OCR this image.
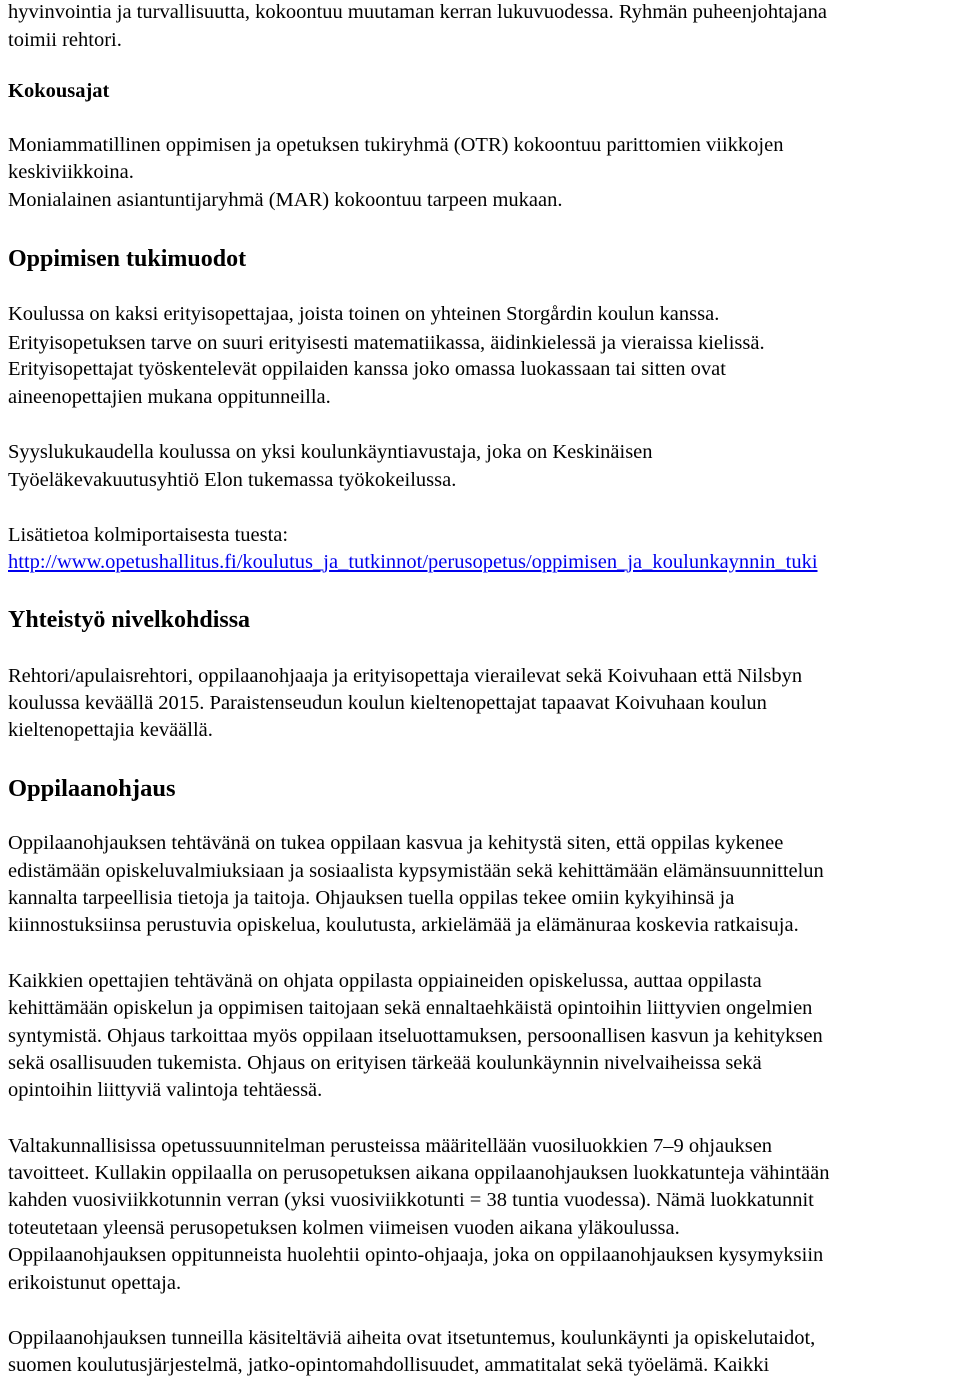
hyvinvointia ja turvallisuutta, kokoontuu muutaman kerran lukuvuodessa. Ryhmän puheenjohtajana
toimii rehtori.
Kokousajat
Moniammatillinen oppimisen ja opetuksen tukiryhmä (OTR) kokoontuu parittomien viikkojen
keskiviikkoina.
Monialainen asiantuntijaryhmä (MAR) kokoontuu tarpeen mukaan.
Oppimisen tukimuodot
Koulussa on kaksi erityisopettajaa, joista toinen on yhteinen Storgårdin koulun kanssa.
Erityisopetuksen tarve on suuri erityisesti matematiikassa, äidinkielessä ja vieraissa kielissä.
Erityisopettajat työskentelevät oppilaiden kanssa joko omassa luokassaan tai sitten ovat
aineenopettajien mukana oppitunneilla.
Syyslukukaudella koulussa on yksi koulunkäyntiavustaja, joka on Keskinäisen
Työeläkevakuutusyhtiö Elon tukemassa työkokeilussa.
Lisätietoa kolmiportaisesta tuesta:
http://www.opetushallitus.fi/koulutus_ja_tutkinnot/perusopetus/oppimisen_ja_koulunkaynnin_tuki
Yhteistyö nivelkohdissa
Rehtori/apulaisrehtori, oppilaanohjaaja ja erityisopettaja vierailevat sekä Koivuhaan että Nilsbyn
koulussa keväällä 2015. Paraistenseudun koulun kieltenopettajat tapaavat Koivuhaan koulun
kieltenopettajia keväällä.
Oppilaanohjaus
Oppilaanohjauksen tehtävänä on tukea oppilaan kasvua ja kehitystä siten, että oppilas kykenee
edistämään opiskeluvalmiuksiaan ja sosiaalista kypsymistään sekä kehittämään elämänsuunnittelun
kannalta tarpeellisia tietoja ja taitoja. Ohjauksen tuella oppilas tekee omiin kykyihinsä ja
kiinnostuksiinsa perustuvia opiskelua, koulutusta, arkielämää ja elämänuraa koskevia ratkaisuja.
Kaikkien opettajien tehtävänä on ohjata oppilasta oppiaineiden opiskelussa, auttaa oppilasta
kehittämään opiskelun ja oppimisen taitojaan sekä ennaltaehkäistä opintoihin liittyvien ongelmien
syntymistä. Ohjaus tarkoittaa myös oppilaan itseluottamuksen, persoonallisen kasvun ja kehityksen
sekä osallisuuden tukemista. Ohjaus on erityisen tärkeää koulunkäynnin nivelvaiheissa sekä
opintoihin liittyviä valintoja tehtäessä.
Valtakunnallisissa opetussuunnitelman perusteissa määritellään vuosiluokkien 7–9 ohjauksen
tavoitteet. Kullakin oppilaalla on perusopetuksen aikana oppilaanohjauksen luokkatunteja vähintään
kahden vuosiviikkotunnin verran (yksi vuosiviikkotunti = 38 tuntia vuodessa). Nämä luokkatunnit
toteutetaan yleensä perusopetuksen kolmen viimeisen vuoden aikana yläkoulussa.
Oppilaanohjauksen oppitunneista huolehtii opinto-ohjaaja, joka on oppilaanohjauksen kysymyksiin
erikoistunut opettaja.
Oppilaanohjauksen tunneilla käsiteltäviä aiheita ovat itsetuntemus, koulunkäynti ja opiskelutaidot,
suomen koulutusjärjestelmä, jatko-opintomahdollisuudet, ammatitalat sekä työelämä. Kaikki
